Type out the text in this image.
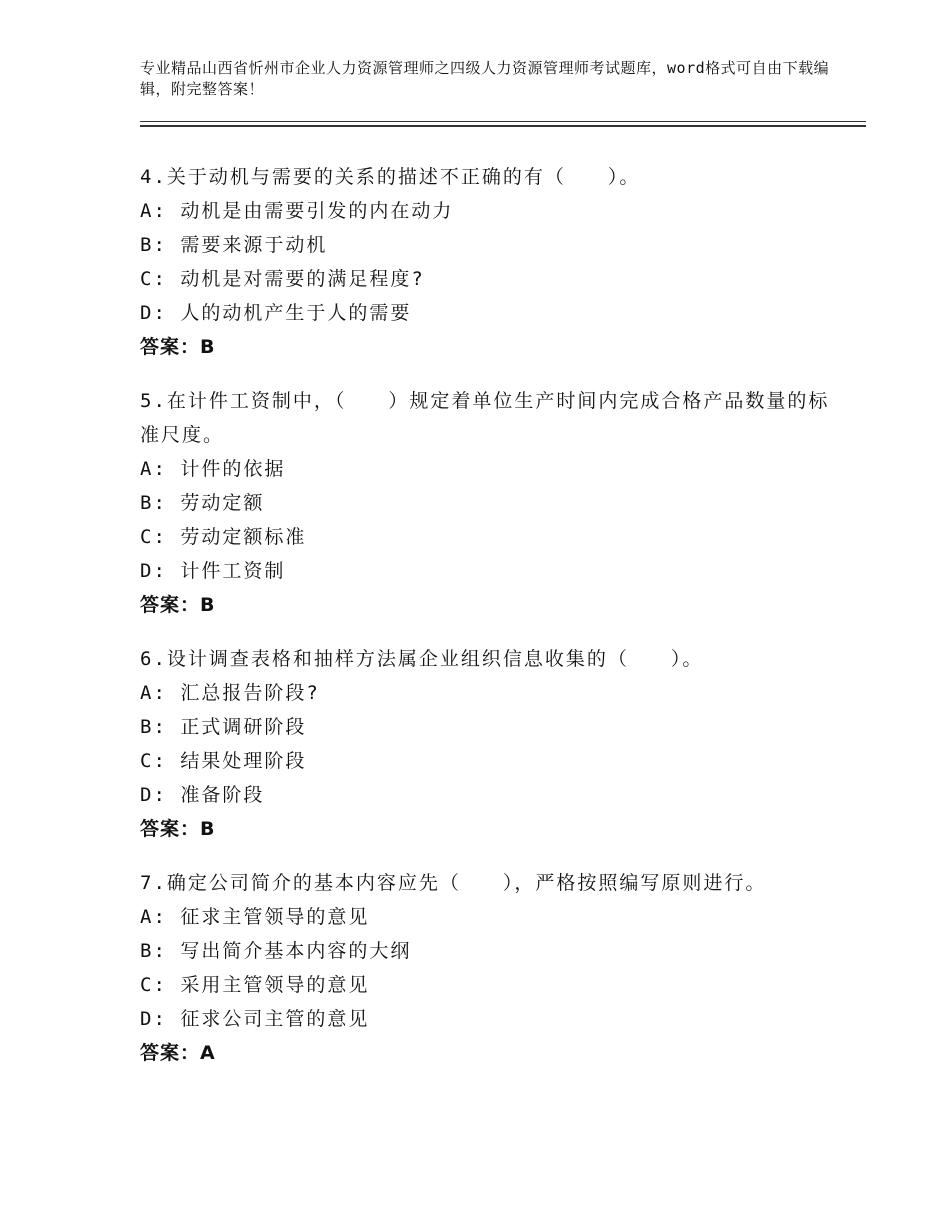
专业精品山西省忻州市企业人力资源管理师之四级人力资源管理师考试题库，word格式可自由下载编辑，附完整答案！
4.关于动机与需要的关系的描述不正确的有（　　）。
A: 动机是由需要引发的内在动力
B: 需要来源于动机
C: 动机是对需要的满足程度?
D: 人的动机产生于人的需要
答案：B
5.在计件工资制中，（　　）规定着单位生产时间内完成合格产品数量的标准尺度。
A: 计件的依据
B: 劳动定额
C: 劳动定额标准
D: 计件工资制
答案：B
6.设计调查表格和抽样方法属企业组织信息收集的（　　）。
A: 汇总报告阶段?
B: 正式调研阶段
C: 结果处理阶段
D: 准备阶段
答案：B
7.确定公司简介的基本内容应先（　　），严格按照编写原则进行。
A: 征求主管领导的意见
B: 写出简介基本内容的大纲
C: 采用主管领导的意见
D: 征求公司主管的意见
答案：A
